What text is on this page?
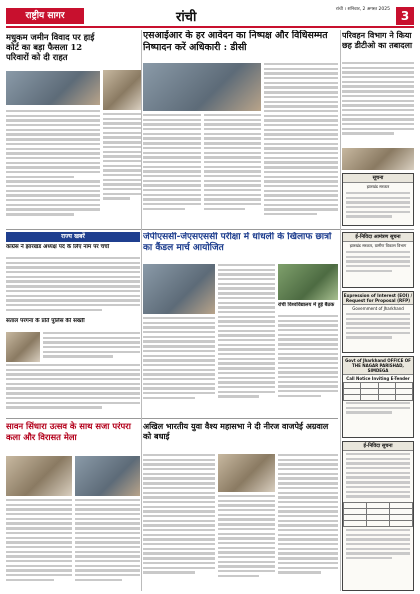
राष्ट्रीय सागर	रांची
रांची । शनिवार, 2 अगस्त 2025 3
मधुकम जमीन विवाद पर हाई कोर्ट का बड़ा फैसला 12 परिवारों को दी राहत
एसआईआर के हर आवेदन का निष्पक्ष और विधिसम्मत निष्पादन करें अधिकारी : डीसी
परिवहन विभाग ने किया छह डीटीओ का तबादला
सूचना
झारखंड सरकार
जेपीएससी-जेएसएससी परीक्षा में धांधली के खिलाफ छात्रों का कैंडल मार्च आयोजित
राज्य खबरें
कांग्रेस ने झारखंड अध्यक्ष पद के लिए नाम पर चर्चा
संताल परगना के प्रति पुलिस की सख्ती
रांची विश्वविद्यालय में हुई बैठक
ई-निविदा आमंत्रण सूचना
झारखंड सरकार, ग्रामीण विकास विभाग
Expression of Interest (EOI) / Request for Proposal (RFP)
Government of Jharkhand
Govt of Jharkhand OFFICE OF THE NAGAR PARISHAD, SIMDEGA
Call Notice Inviting E-Tender

सावन सिंधारा उत्सव के साथ सजा परंपरा कला और विरासत मेला
अखिल भारतीय युवा वैश्य महासभा ने दी नीरज वाजपेई अग्रवाल को बधाई
ई-निविदा सूचना
